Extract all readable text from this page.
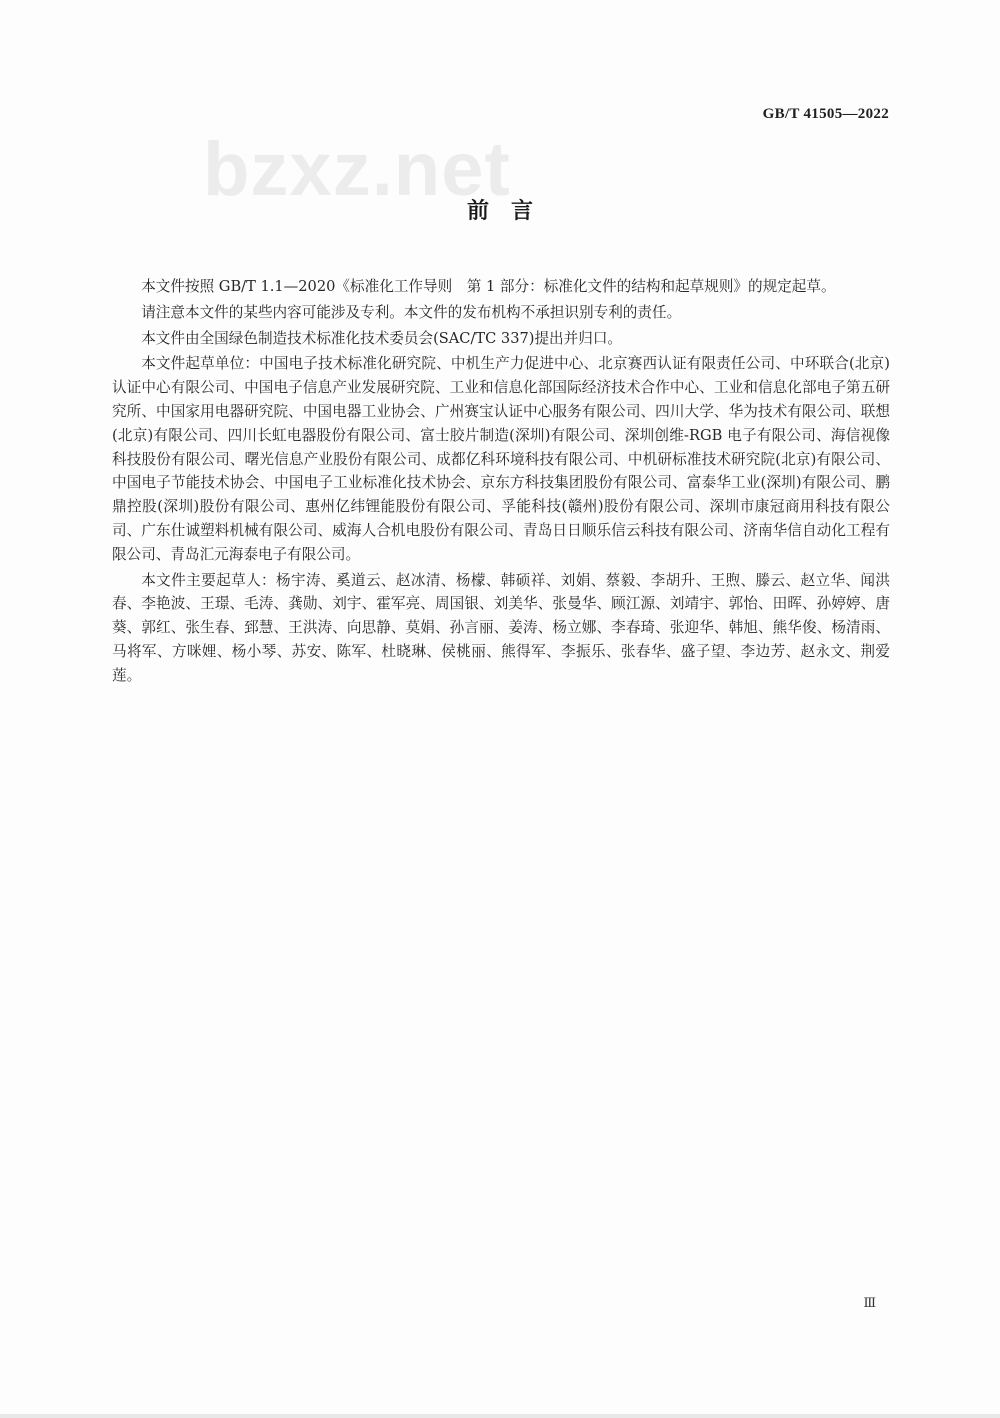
GB/T 41505—2022
bzxz.net
前言

本文件按照 GB/T 1.1—2020《标准化工作导则　第 1 部分：标准化文件的结构和起草规则》的规定起草。

请注意本文件的某些内容可能涉及专利。本文件的发布机构不承担识别专利的责任。

本文件由全国绿色制造技术标准化技术委员会(SAC/TC 337)提出并归口。

本文件起草单位：中国电子技术标准化研究院、中机生产力促进中心、北京赛西认证有限责任公司、中环联合(北京)认证中心有限公司、中国电子信息产业发展研究院、工业和信息化部国际经济技术合作中心、工业和信息化部电子第五研究所、中国家用电器研究院、中国电器工业协会、广州赛宝认证中心服务有限公司、四川大学、华为技术有限公司、联想(北京)有限公司、四川长虹电器股份有限公司、富士胶片制造(深圳)有限公司、深圳创维-RGB 电子有限公司、海信视像科技股份有限公司、曙光信息产业股份有限公司、成都亿科环境科技有限公司、中机研标准技术研究院(北京)有限公司、中国电子节能技术协会、中国电子工业标准化技术协会、京东方科技集团股份有限公司、富泰华工业(深圳)有限公司、鹏鼎控股(深圳)股份有限公司、惠州亿纬锂能股份有限公司、孚能科技(赣州)股份有限公司、深圳市康冠商用科技有限公司、广东仕诚塑料机械有限公司、威海人合机电股份有限公司、青岛日日顺乐信云科技有限公司、济南华信自动化工程有限公司、青岛汇元海泰电子有限公司。

本文件主要起草人：杨宇涛、奚道云、赵冰清、杨檬、韩硕祥、刘娟、蔡毅、李胡升、王煦、滕云、赵立华、闻洪春、李艳波、王璟、毛涛、龚勋、刘宇、霍军亮、周国银、刘美华、张曼华、顾江源、刘靖宇、郭怡、田晖、孙婷婷、唐葵、郭红、张生春、郅慧、王洪涛、向思静、莫娟、孙言丽、姜涛、杨立娜、李春琦、张迎华、韩旭、熊华俊、杨清雨、马将军、方咪娌、杨小琴、苏安、陈军、杜晓琳、侯桃丽、熊得军、李振乐、张春华、盛子望、李边芳、赵永文、荆爱莲。

Ⅲ
